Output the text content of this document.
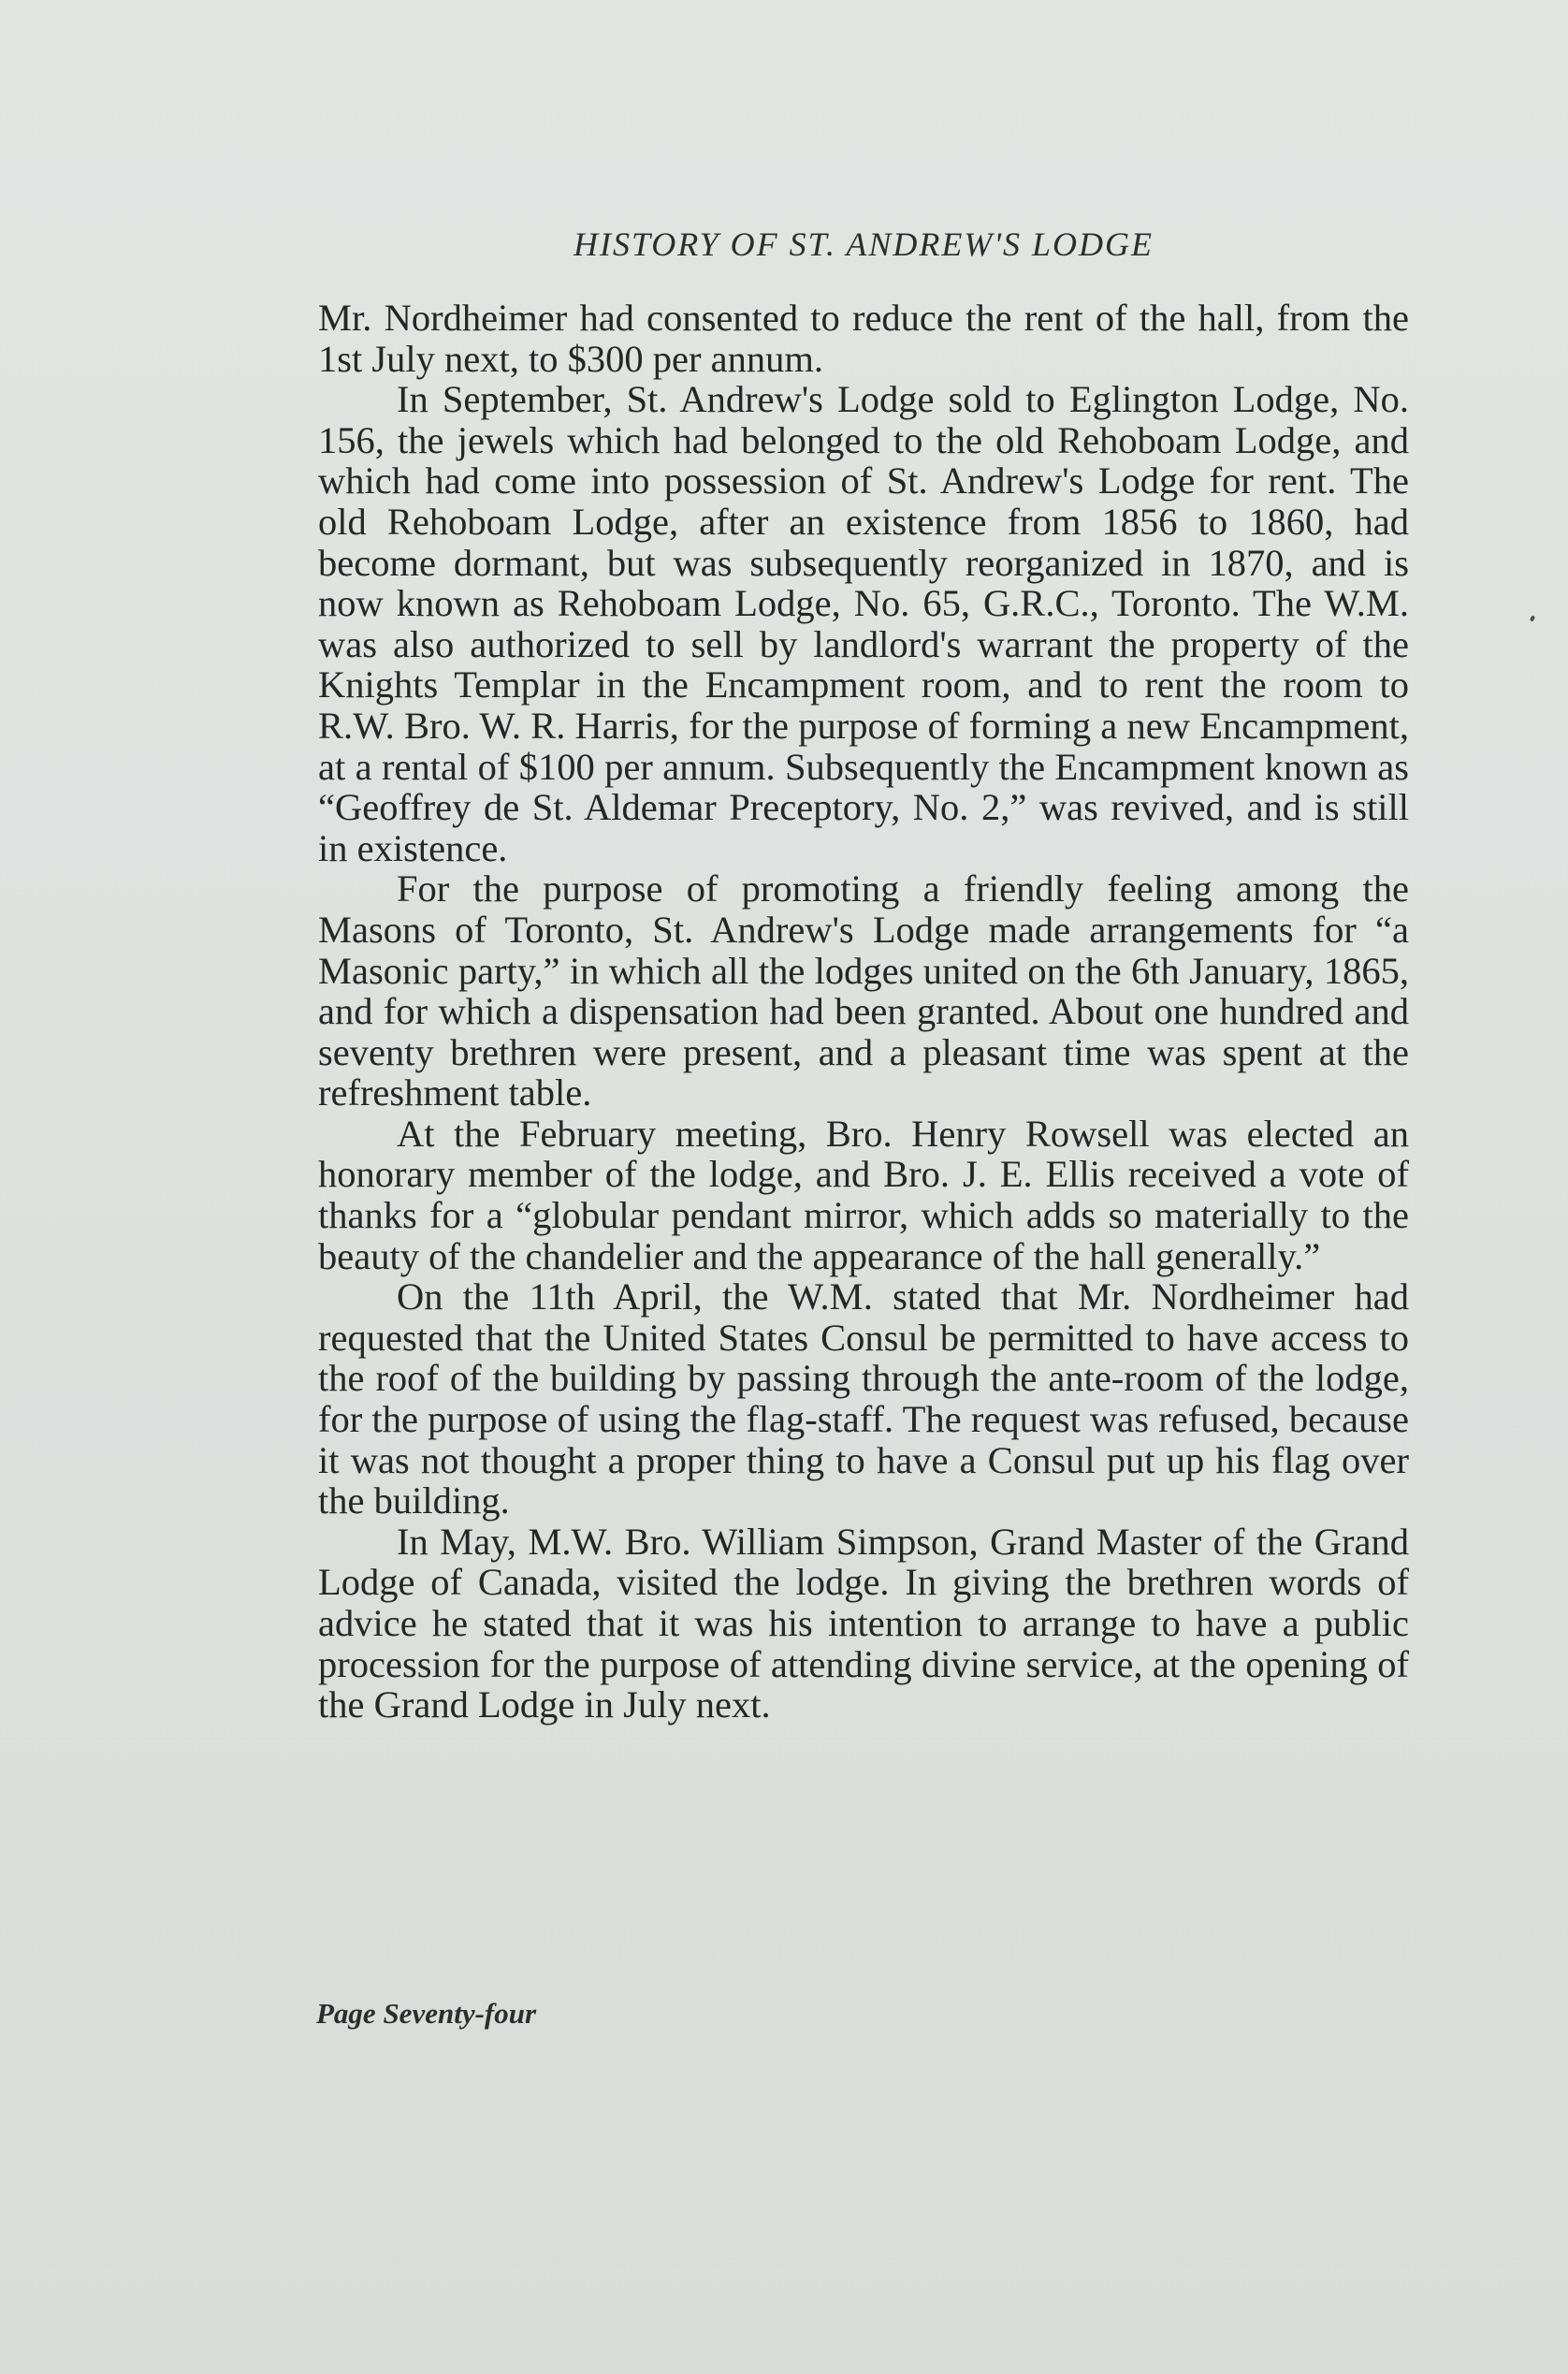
HISTORY OF ST. ANDREW'S LODGE

Mr. Nordheimer had consented to reduce the rent of the hall, from the 1st July next, to $300 per annum.

In September, St. Andrew's Lodge sold to Eglington Lodge, No. 156, the jewels which had belonged to the old Rehoboam Lodge, and which had come into possession of St. Andrew's Lodge for rent. The old Rehoboam Lodge, after an existence from 1856 to 1860, had become dormant, but was subsequently reorganized in 1870, and is now known as Rehoboam Lodge, No. 65, G.R.C., Toronto. The W.M. was also authorized to sell by landlord's warrant the property of the Knights Templar in the Encampment room, and to rent the room to R.W. Bro. W. R. Harris, for the purpose of forming a new Encampment, at a rental of $100 per annum. Subsequently the Encampment known as “Geoffrey de St. Aldemar Preceptory, No. 2,” was revived, and is still in existence.

For the purpose of promoting a friendly feeling among the Masons of Toronto, St. Andrew's Lodge made arrangements for “a Masonic party,” in which all the lodges united on the 6th January, 1865, and for which a dispensation had been granted. About one hundred and seventy brethren were present, and a pleasant time was spent at the refreshment table.

At the February meeting, Bro. Henry Rowsell was elected an honorary member of the lodge, and Bro. J. E. Ellis received a vote of thanks for a “globular pendant mirror, which adds so materially to the beauty of the chandelier and the appearance of the hall generally.”

On the 11th April, the W.M. stated that Mr. Nordheimer had requested that the United States Consul be permitted to have access to the roof of the building by passing through the ante-room of the lodge, for the purpose of using the flag-staff. The request was refused, because it was not thought a proper thing to have a Consul put up his flag over the building.

In May, M.W. Bro. William Simpson, Grand Master of the Grand Lodge of Canada, visited the lodge. In giving the brethren words of advice he stated that it was his intention to arrange to have a public procession for the purpose of attending divine service, at the opening of the Grand Lodge in July next.

Page Seventy-four
